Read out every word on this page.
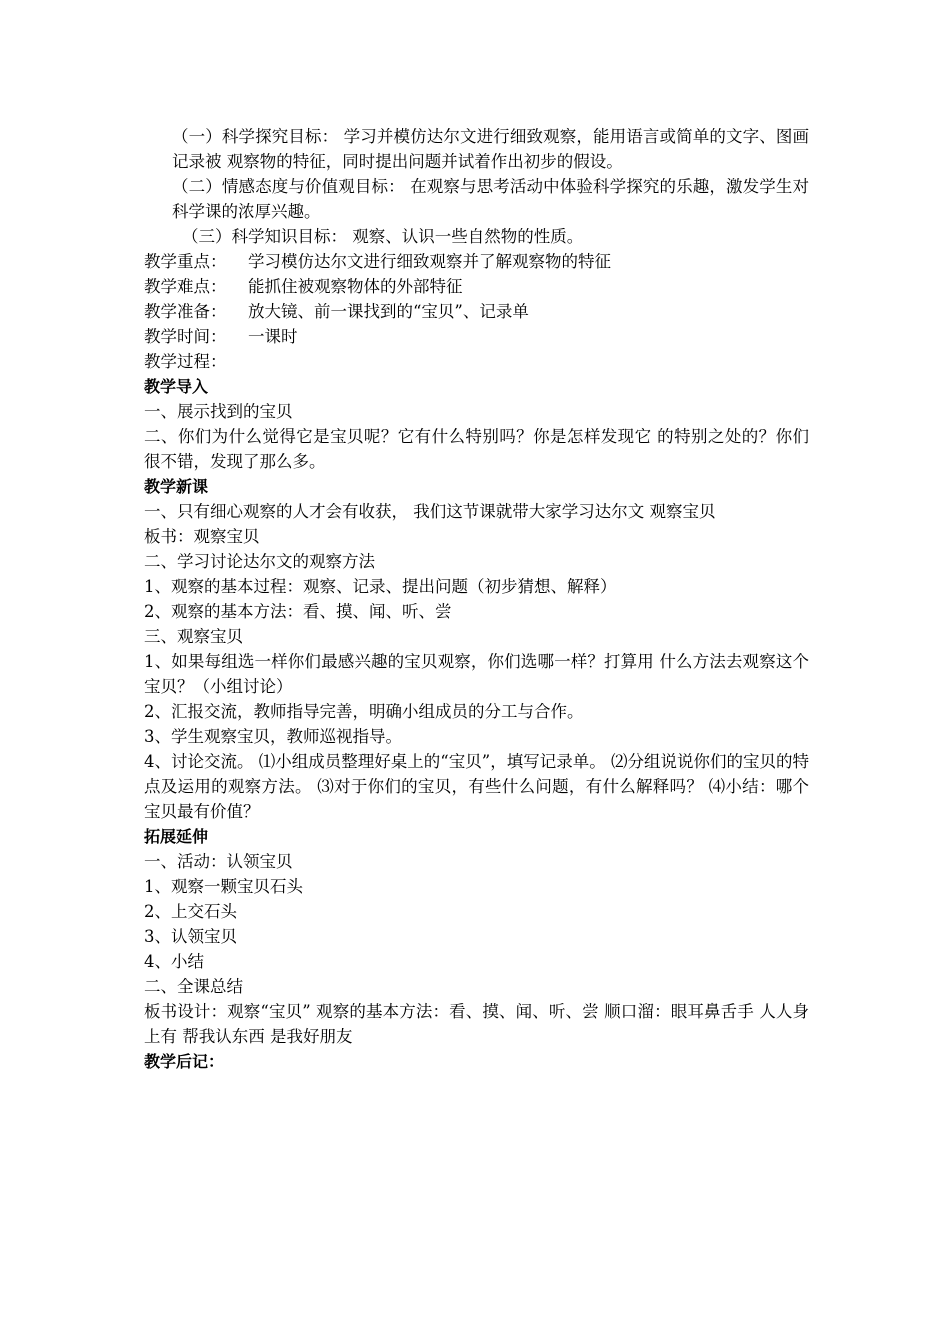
（一）科学探究目标： 学习并模仿达尔文进行细致观察，能用语言或简单的文字、图画记录被 观察物的特征，同时提出问题并试着作出初步的假设。
（二）情感态度与价值观目标： 在观察与思考活动中体验科学探究的乐趣，激发学生对科学课的浓厚兴趣。
（三）科学知识目标： 观察、认识一些自然物的性质。
教学重点： 学习模仿达尔文进行细致观察并了解观察物的特征
教学难点： 能抓住被观察物体的外部特征
教学准备： 放大镜、前一课找到的“宝贝”、记录单
教学时间： 一课时
教学过程：
教学导入
一、展示找到的宝贝
二、你们为什么觉得它是宝贝呢？它有什么特别吗？你是怎样发现它 的特别之处的？你们很不错，发现了那么多。
教学新课
一、只有细心观察的人才会有收获， 我们这节课就带大家学习达尔文 观察宝贝
板书：观察宝贝
二、学习讨论达尔文的观察方法
1、观察的基本过程：观察、记录、提出问题（初步猜想、解释）
2、观察的基本方法：看、摸、闻、听、尝
三、观察宝贝
1、如果每组选一样你们最感兴趣的宝贝观察，你们选哪一样？打算用 什么方法去观察这个宝贝？（小组讨论）
2、汇报交流，教师指导完善，明确小组成员的分工与合作。
3、学生观察宝贝，教师巡视指导。
4、讨论交流。 ⑴小组成员整理好桌上的“宝贝”，填写记录单。 ⑵分组说说你们的宝贝的特点及运用的观察方法。 ⑶对于你们的宝贝，有些什么问题，有什么解释吗？ ⑷小结：哪个宝贝最有价值？
拓展延伸
一、活动：认领宝贝
1、观察一颗宝贝石头
2、上交石头
3、认领宝贝
4、小结
二、全课总结
板书设计：观察“宝贝” 观察的基本方法：看、摸、闻、听、尝 顺口溜：眼耳鼻舌手 人人身上有 帮我认东西 是我好朋友
教学后记：
